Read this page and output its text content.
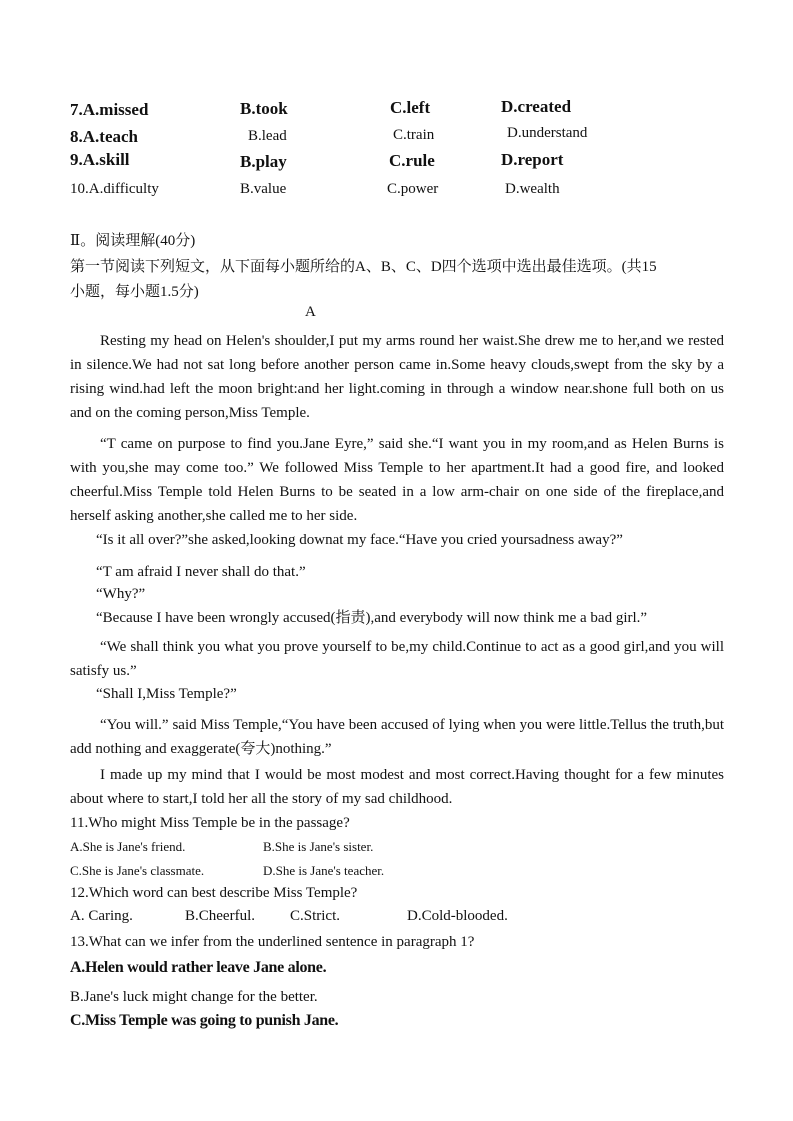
7.A.missed	B.took	C.left	D.created
8.A.teach	B.lead	C.train	D.understand
9.A.skill	B.play	C.rule	D.report
10.A.difficulty	B.value	C.power	D.wealth
Ⅱ。阅读理解(40分)
第一节阅读下列短文，从下面每小题所给的A、B、C、D四个选项中选出最佳选项。(共15
小题，每小题1.5分)
A
Resting my head on Helen's shoulder,I put my arms round her waist.She drew me to her,and we rested in silence.We had not sat long before another person came in.Some heavy clouds,swept from the sky by a rising wind.had left the moon bright:and her light.coming in through a window near.shone full both on us and on the coming person,Miss Temple.
“T came on purpose to find you.Jane Eyre,” said she.“I want you in my room,and as Helen Burns is with you,she may come too.” We followed Miss Temple to her apartment.It had a good fire, and looked cheerful.Miss Temple told Helen Burns to be seated in a low arm-chair on one side of the fireplace,and herself asking another,she called me to her side.
“Is it all over?”she asked,looking downat my face.“Have you cried yoursadness away?”
“T am afraid I never shall do that.”
“Why?”
“Because I have been wrongly accused(指责),and everybody will now think me a bad girl.”
“We shall think you what you prove yourself to be,my child.Continue to act as a good girl,and you will satisfy us.”
“Shall I,Miss Temple?”
“You will.” said Miss Temple,“You have been accused of lying when you were little.Tellus the truth,but add nothing and exaggerate(夸大)nothing.”
I made up my mind that I would be most modest and most correct.Having thought for a few minutes about where to start,I told her all the story of my sad childhood.
11.Who might Miss Temple be in the passage?
A.She is Jane's friend.	B.She is Jane's sister.
C.She is Jane's classmate.	D.She is Jane's teacher.
12.Which word can best describe Miss Temple?
A. Caring.	B.Cheerful. C.Strict.	D.Cold-blooded.
13.What can we infer from the underlined sentence in paragraph 1?
A.Helen would rather leave Jane alone.
B.Jane's luck might change for the better.
C.Miss Temple was going to punish Jane.
